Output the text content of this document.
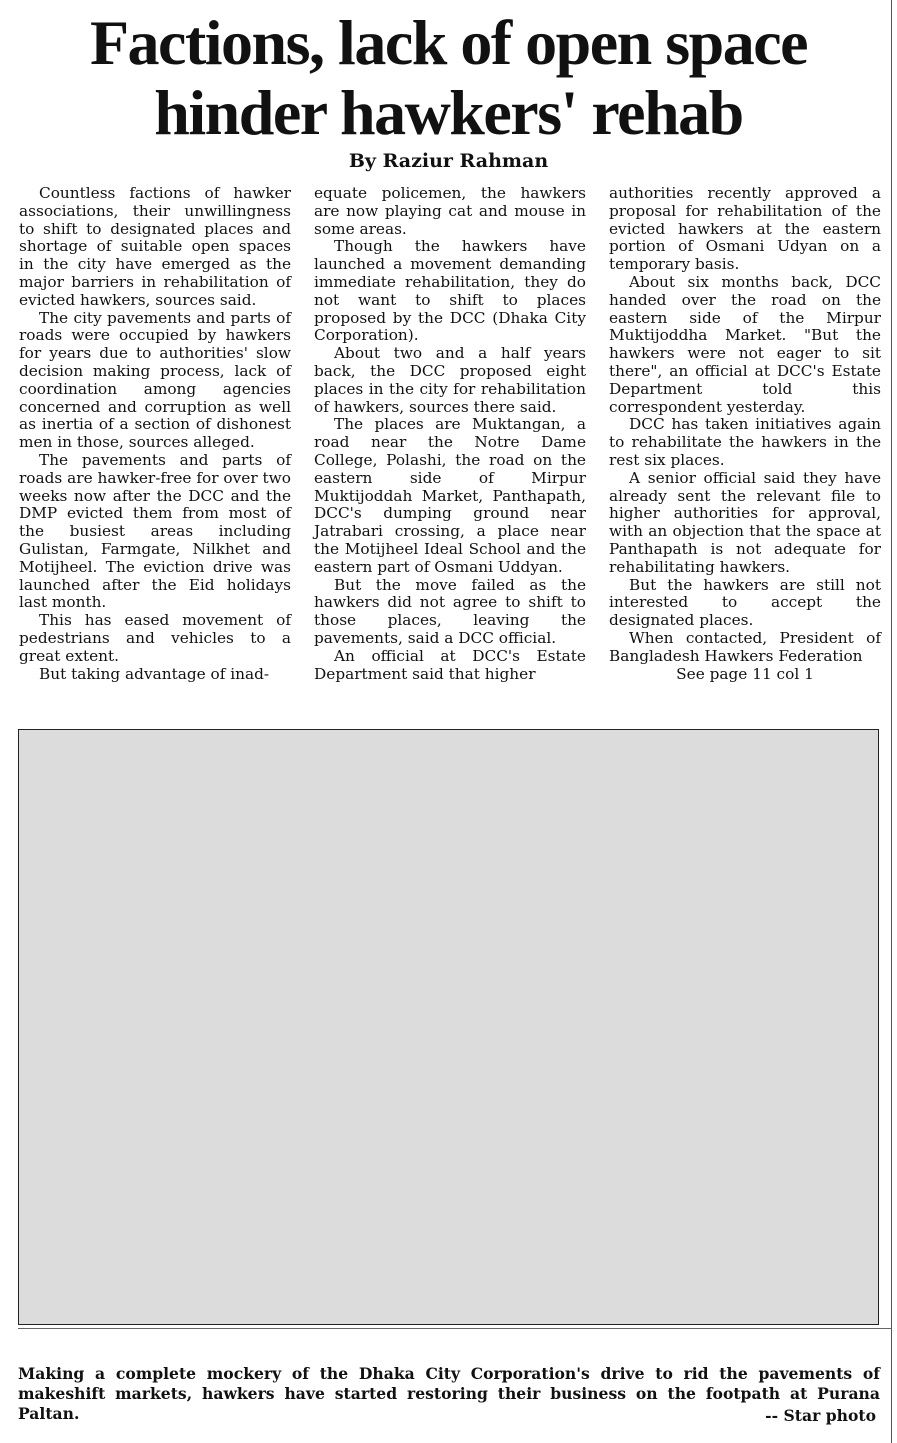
Factions, lack of open space
hinder hawkers' rehab
By Raziur Rahman

Countless factions of hawker associations, their unwillingness to shift to designated places and shortage of suitable open spaces in the city have emerged as the major barriers in rehabilitation of evicted hawkers, sources said.

The city pavements and parts of roads were occupied by hawkers for years due to authorities' slow decision making process, lack of coordination among agencies concerned and corruption as well as inertia of a section of dishonest men in those, sources alleged.

The pavements and parts of roads are hawker-free for over two weeks now after the DCC and the DMP evicted them from most of the busiest areas including Gulistan, Farmgate, Nilkhet and Motijheel. The eviction drive was launched after the Eid holidays last month.

This has eased movement of pedestrians and vehicles to a great extent.

But taking advantage of inad-

equate policemen, the hawkers are now playing cat and mouse in some areas.

Though the hawkers have launched a movement demanding immediate rehabilitation, they do not want to shift to places proposed by the DCC (Dhaka City Corporation).

About two and a half years back, the DCC proposed eight places in the city for rehabilitation of hawkers, sources there said.

The places are Muktangan, a road near the Notre Dame College, Polashi, the road on the eastern side of Mirpur Muktijoddah Market, Panthapath, DCC's dumping ground near Jatrabari crossing, a place near the Motijheel Ideal School and the eastern part of Osmani Uddyan.

But the move failed as the hawkers did not agree to shift to those places, leaving the pavements, said a DCC official.

An official at DCC's Estate Department said that higher

authorities recently approved a proposal for rehabilitation of the evicted hawkers at the eastern portion of Osmani Udyan on a temporary basis.

About six months back, DCC handed over the road on the eastern side of the Mirpur Muktijoddha Market. "But the hawkers were not eager to sit there", an official at DCC's Estate Department told this correspondent yesterday.

DCC has taken initiatives again to rehabilitate the hawkers in the rest six places.

A senior official said they have already sent the relevant file to higher authorities for approval, with an objection that the space at Panthapath is not adequate for rehabilitating hawkers.

But the hawkers are still not interested to accept the designated places.

When contacted, President of Bangladesh Hawkers Federation

See page 11 col 1

Making a complete mockery of the Dhaka City Corporation's drive to rid the pavements of makeshift markets, hawkers have started restoring their business on the footpath at Purana Paltan.	-- Star photo
